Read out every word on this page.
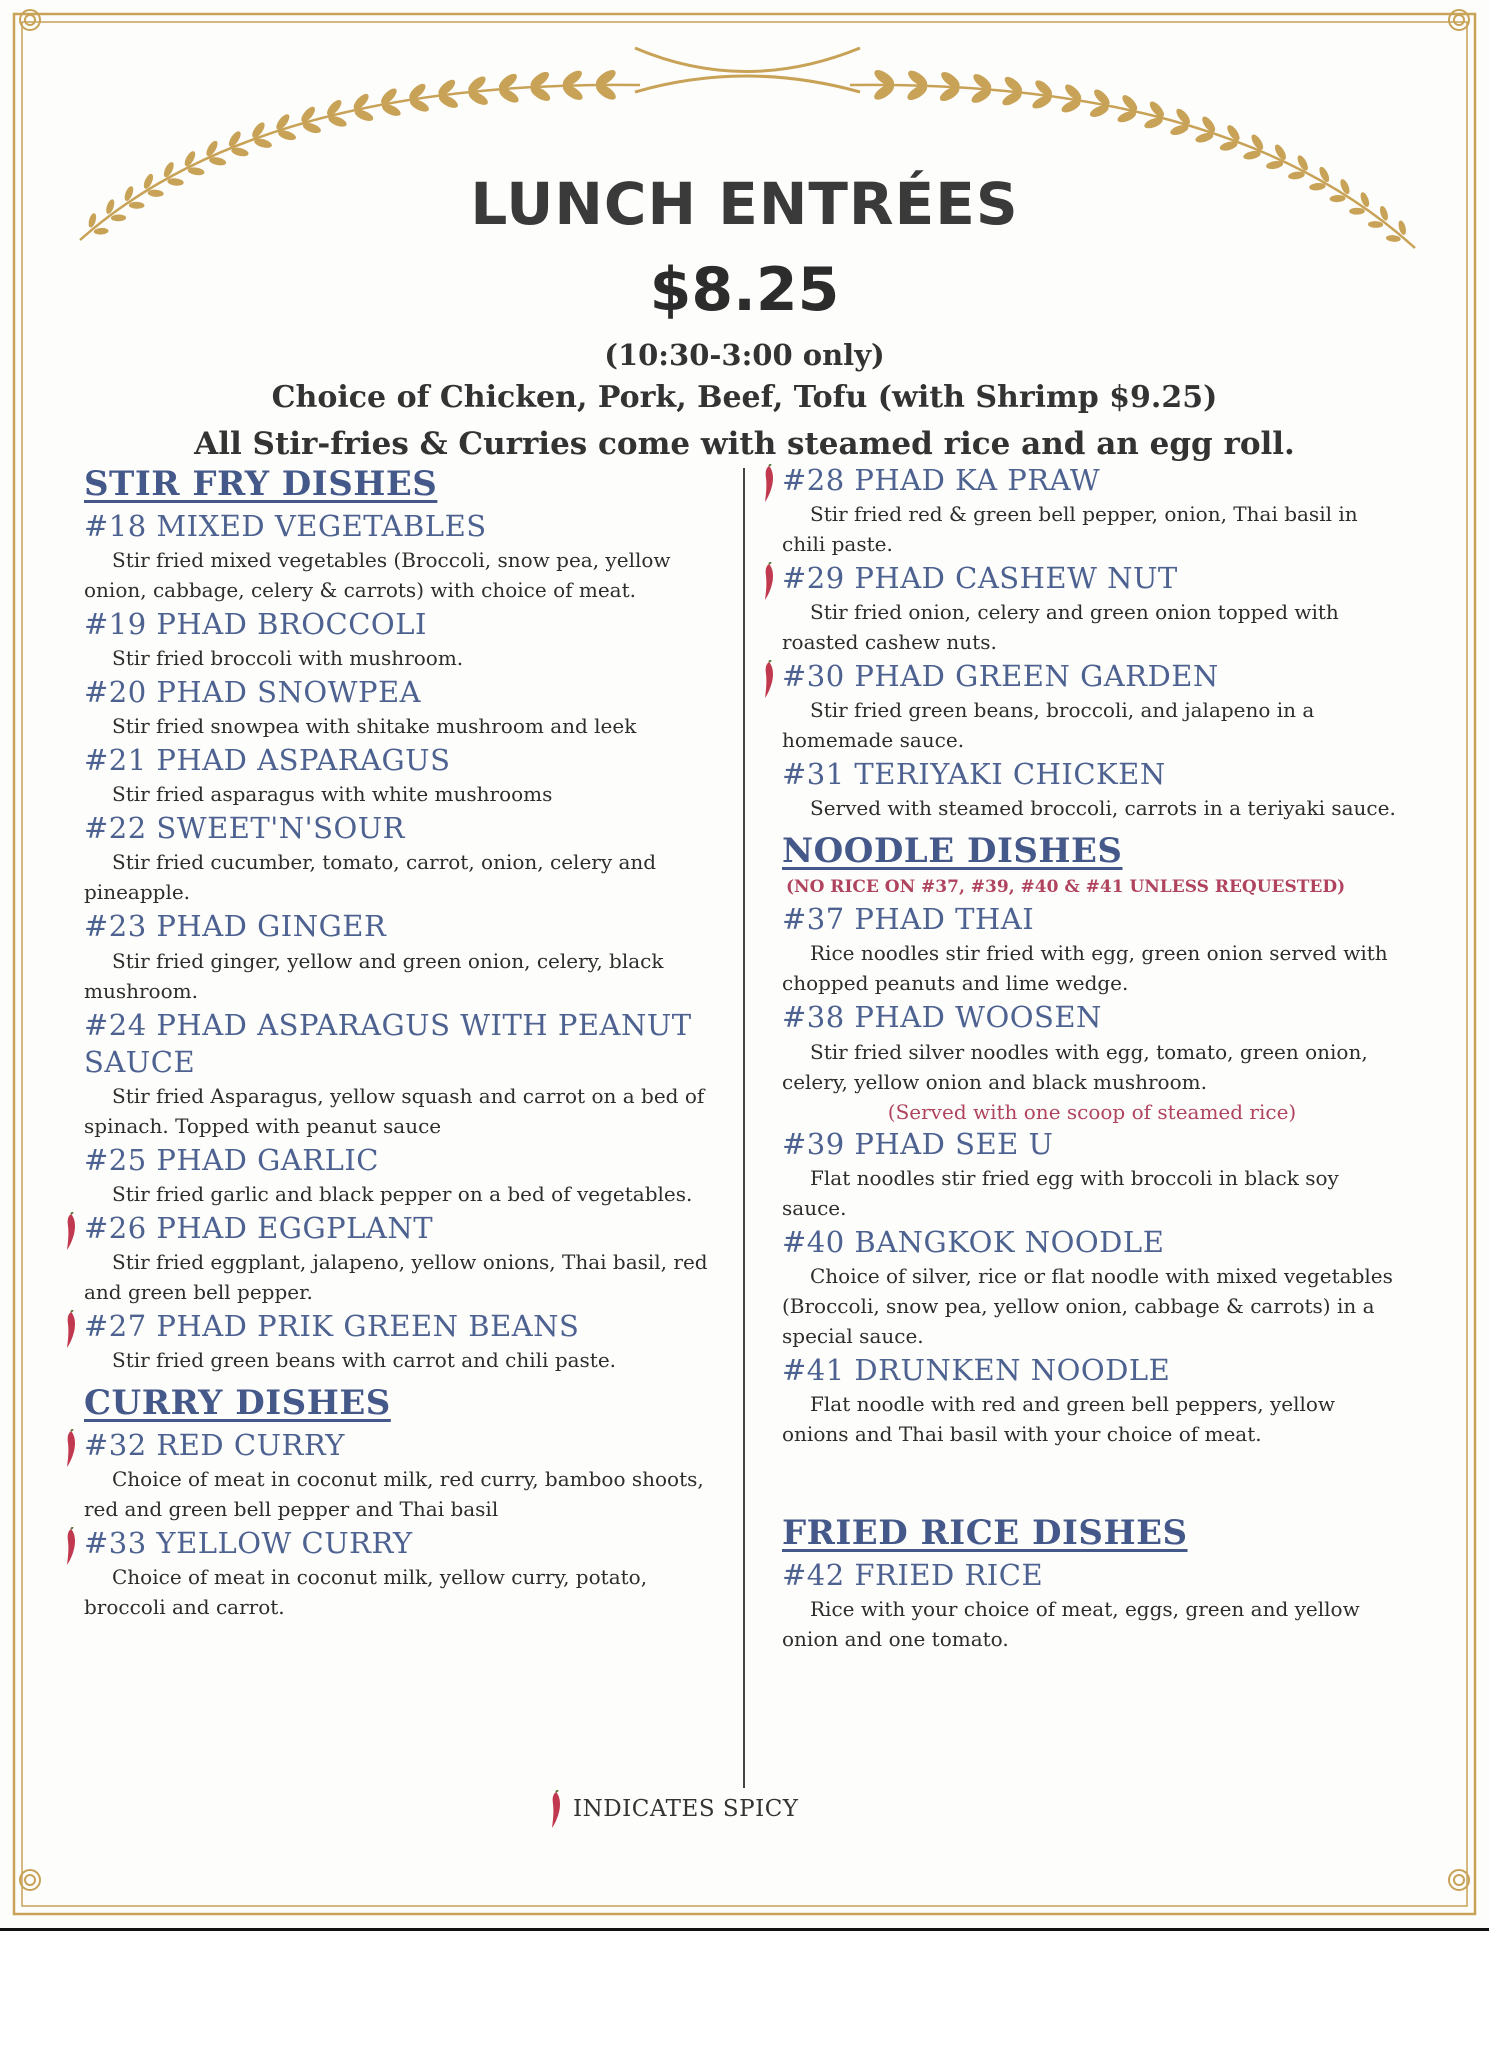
LUNCH ENTRÉES
$8.25
(10:30-3:00 only)
Choice of Chicken, Pork, Beef, Tofu (with Shrimp $9.25)
All Stir-fries & Curries come with steamed rice and an egg roll.
STIR FRY DISHES
#18 MIXED VEGETABLES
Stir fried mixed vegetables (Broccoli, snow pea, yellow onion, cabbage, celery & carrots) with choice of meat.
#19 PHAD BROCCOLI
Stir fried broccoli with mushroom.
#20 PHAD SNOWPEA
Stir fried snowpea with shitake mushroom and leek
#21 PHAD ASPARAGUS
Stir fried asparagus with white mushrooms
#22 SWEET'N'SOUR
Stir fried cucumber, tomato, carrot, onion, celery and pineapple.
#23 PHAD GINGER
Stir fried ginger, yellow and green onion, celery, black mushroom.
#24 PHAD ASPARAGUS WITH PEANUT SAUCE
Stir fried Asparagus, yellow squash and carrot on a bed of spinach. Topped with peanut sauce
#25 PHAD GARLIC
Stir fried garlic and black pepper on a bed of vegetables.
#26 PHAD EGGPLANT
Stir fried eggplant, jalapeno, yellow onions, Thai basil, red and green bell pepper.
#27 PHAD PRIK GREEN BEANS
Stir fried green beans with carrot and chili paste.
CURRY DISHES
#32 RED CURRY
Choice of meat in coconut milk, red curry, bamboo shoots, red and green bell pepper and Thai basil
#33 YELLOW CURRY
Choice of meat in coconut milk, yellow curry, potato, broccoli and carrot.
#28 PHAD KA PRAW
Stir fried red & green bell pepper, onion, Thai basil in chili paste.
#29 PHAD CASHEW NUT
Stir fried onion, celery and green onion topped with roasted cashew nuts.
#30 PHAD GREEN GARDEN
Stir fried green beans, broccoli, and jalapeno in a homemade sauce.
#31 TERIYAKI CHICKEN
Served with steamed broccoli, carrots in a teriyaki sauce.
NOODLE DISHES
(NO RICE ON #37, #39, #40 & #41 UNLESS REQUESTED)
#37 PHAD THAI
Rice noodles stir fried with egg, green onion served with chopped peanuts and lime wedge.
#38 PHAD WOOSEN
Stir fried silver noodles with egg, tomato, green onion, celery, yellow onion and black mushroom.
(Served with one scoop of steamed rice)
#39 PHAD SEE U
Flat noodles stir fried egg with broccoli in black soy sauce.
#40 BANGKOK NOODLE
Choice of silver, rice or flat noodle with mixed vegetables (Broccoli, snow pea, yellow onion, cabbage & carrots) in a special sauce.
#41 DRUNKEN NOODLE
Flat noodle with red and green bell peppers, yellow onions and Thai basil with your choice of meat.
FRIED RICE DISHES
#42 FRIED RICE
Rice with your choice of meat, eggs, green and yellow onion and one tomato.
INDICATES SPICY
